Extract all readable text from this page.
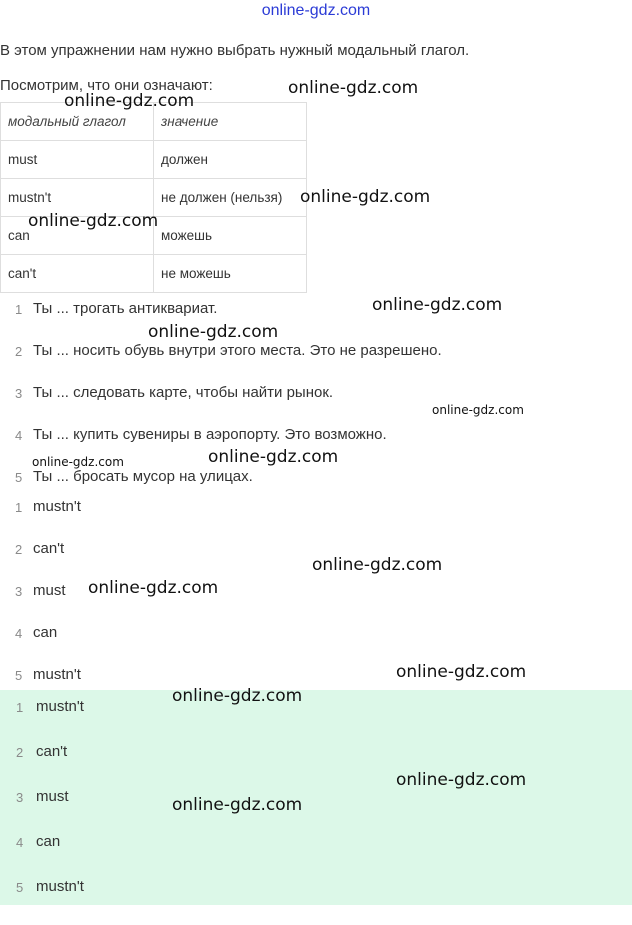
online-gdz.com
В этом упражнении нам нужно выбрать нужный модальный глагол.
Посмотрим, что они означают:
модальный глагол	значение
must	должен
mustn't	не должен (нельзя)
can	можешь
can't	не можешь
1 Ты ... трогать антиквариат.
2 Ты ... носить обувь внутри этого места. Это не разрешено.
3 Ты ... следовать карте, чтобы найти рынок.
4 Ты ... купить сувениры в аэропорту. Это возможно.
5 Ты ... бросать мусор на улицах.
1 mustn't
2 can't
3 must
4 can
5 mustn't
1 mustn't
2 can't
3 must
4 can
5 mustn't
online-gdz.com
online-gdz.com
online-gdz.com
online-gdz.com
online-gdz.com
online-gdz.com
online-gdz.com
online-gdz.com
online-gdz.com
online-gdz.com
online-gdz.com
online-gdz.com
online-gdz.com
online-gdz.com
online-gdz.com
